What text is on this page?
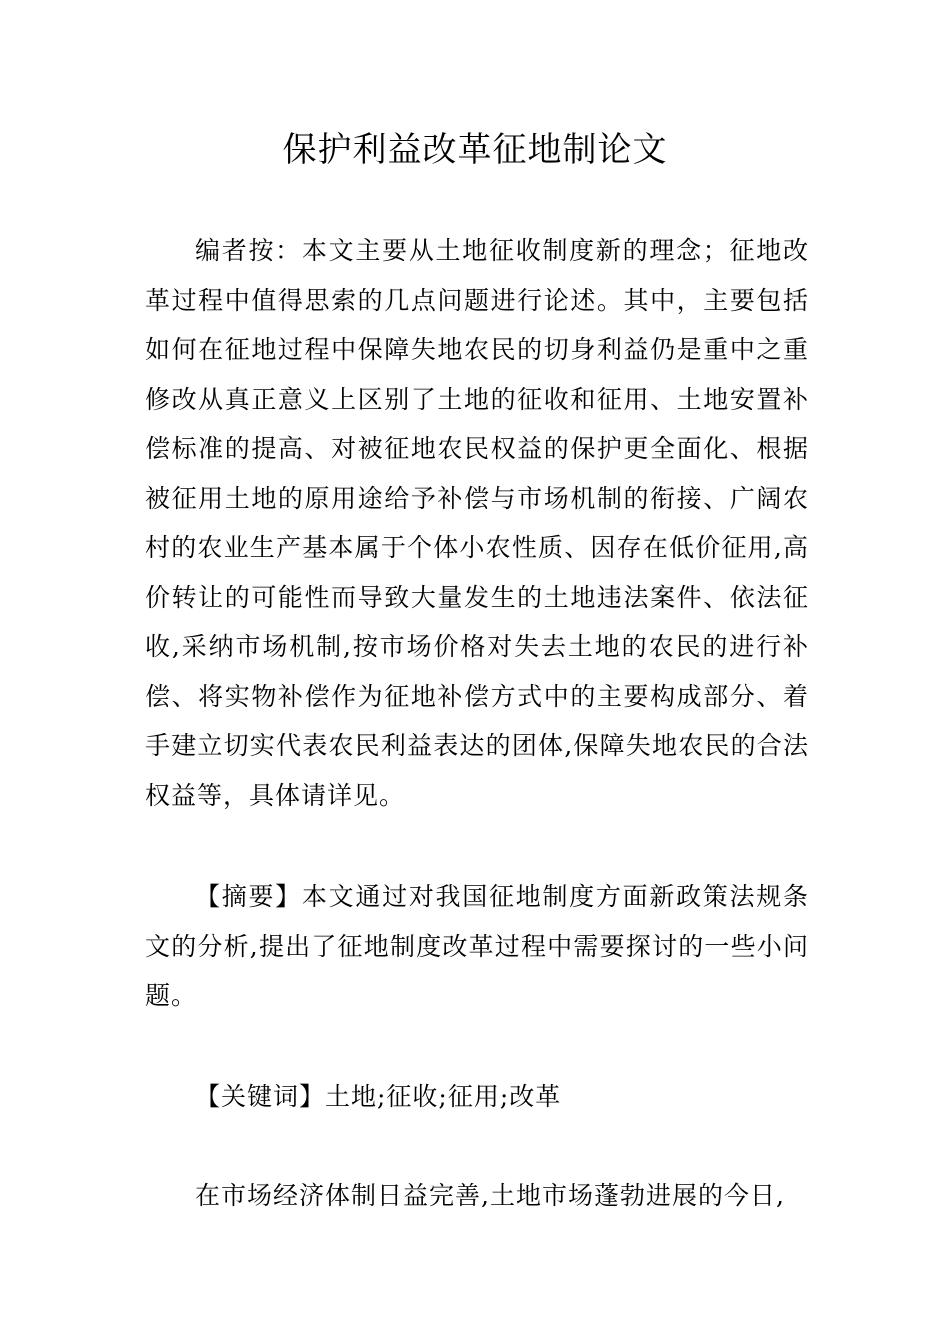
保护利益改革征地制论文

编者按：本文主要从土地征收制度新的理念；征地改革过程中值得思索的几点问题进行论述。其中，主要包括如何在征地过程中保障失地农民的切身利益仍是重中之重修改从真正意义上区别了土地的征收和征用、土地安置补偿标准的提高、对被征地农民权益的保护更全面化、根据被征用土地的原用途给予补偿与市场机制的衔接、广阔农村的农业生产基本属于个体小农性质、因存在低价征用,高价转让的可能性而导致大量发生的土地违法案件、依法征收,采纳市场机制,按市场价格对失去土地的农民的进行补偿、将实物补偿作为征地补偿方式中的主要构成部分、着手建立切实代表农民利益表达的团体,保障失地农民的合法权益等，具体请详见。

【摘要】本文通过对我国征地制度方面新政策法规条文的分析,提出了征地制度改革过程中需要探讨的一些小问题。

【关键词】土地;征收;征用;改革

在市场经济体制日益完善,土地市场蓬勃进展的今日,
